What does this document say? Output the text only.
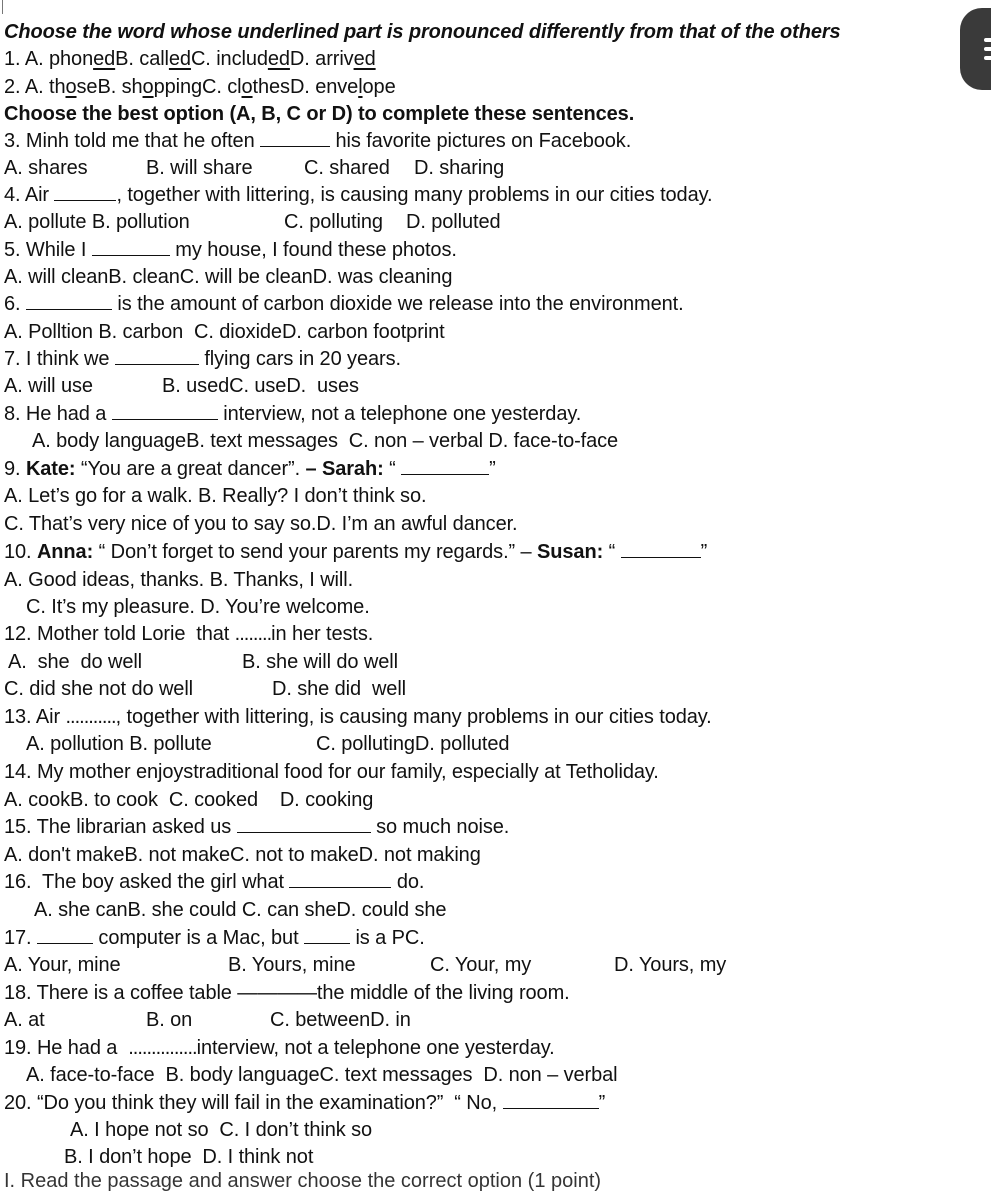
Choose the word whose underlined part is pronounced differently from that of the others
1. A. phonedB. calledC. includedD. arrived
2. A. thoseB. shoppingC. clothesD. envelope
Choose the best option (A, B, C or D) to complete these sentences.
3. Minh told me that he often	his favorite pictures on Facebook.
A. shares	B. will share	C. shared D. sharing
4. Air	, together with littering, is causing many problems in our cities today.
A. pollute B. pollution	C. polluting D. polluted
5. While I	my house, I found these photos.
A. will cleanB. cleanC. will be cleanD. was cleaning
6.	is the amount of carbon dioxide we release into the environment.
A. Polltion B. carbon  C. dioxideD. carbon footprint
7. I think we	flying cars in 20 years.
A. will use	B. usedC. useD.  uses
8. He had a	interview, not a telephone one yesterday.
A. body languageB. text messages  C. non – verbal D. face-to-face
9. Kate: “You are a great dancer”. – Sarah: “	”
A. Let’s go for a walk. B. Really? I don’t think so.
C. That’s very nice of you to say so.D. I’m an awful dancer.
10. Anna: “ Don’t forget to send your parents my regards.” – Susan: “	”
A. Good ideas, thanks. B. Thanks, I will.
C. It’s my pleasure. D. You’re welcome.
12. Mother told Lorie  that ........in her tests.
A.  she  do well	B. she will do well
C. did she not do well	D. she did  well
13. Air ..........., together with littering, is causing many problems in our cities today.
A. pollution B. pollute	C. pollutingD. polluted
14. My mother enjoystraditional food for our family, especially at Tetholiday.
A. cookB. to cook  C. cooked    D. cooking
15. The librarian asked us	so much noise.
A. don't makeB. not makeC. not to makeD. not making
16.  The boy asked the girl what	do.
A. she canB. she could C. can sheD. could she
17.	computer is a Mac, but  is a PC.
A. Your, mine	B. Yours, mine	C. Your, my	D. Yours, my
18. There is a coffee table ————the middle of the living room.
A. at	B. on	C. betweenD. in
19. He had a  ...............interview, not a telephone one yesterday.
A. face-to-face  B. body languageC. text messages  D. non – verbal
20. “Do you think they will fail in the examination?”  “ No,	”
A. I hope not so  C. I don’t think so
B. I don’t hope  D. I think not
I. Read the passage and answer choose the correct option (1 point)
